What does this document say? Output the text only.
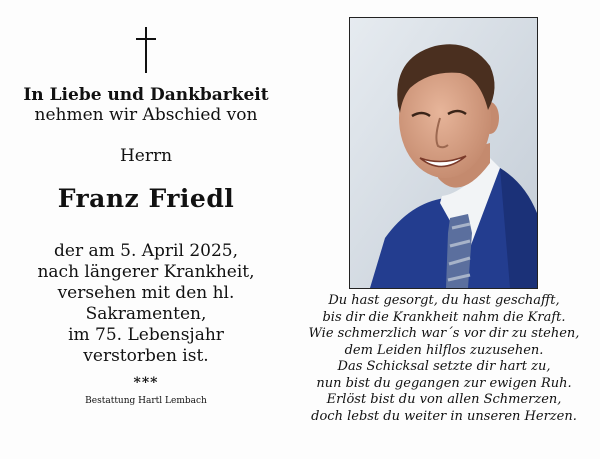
In Liebe und Dankbarkeit

nehmen wir Abschied von

Herrn
Franz Friedl

der am 5. April 2025,

nach längerer Krankheit,

versehen mit den hl. Sakramenten,

im 75. Lebensjahr

verstorben ist.

***
Bestattung Hartl Lembach

Du hast gesorgt, du hast geschafft,

bis dir die Krankheit nahm die Kraft.

Wie schmerzlich war´s vor dir zu stehen,

dem Leiden hilflos zuzusehen.

Das Schicksal setzte dir hart zu,

nun bist du gegangen zur ewigen Ruh.

Erlöst bist du von allen Schmerzen,

doch lebst du weiter in unseren Herzen.
